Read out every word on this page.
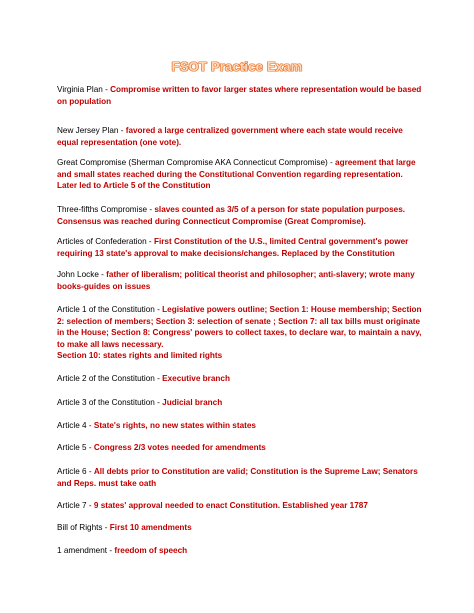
FSOT Practice Exam
Virginia Plan - Compromise written to favor larger states where representation would be based on population
New Jersey Plan - favored a large centralized government where each state would receive equal representation (one vote).
Great Compromise (Sherman Compromise AKA Connecticut Compromise) - agreement that large and small states reached during the Constitutional Convention regarding representation. Later led to Article 5 of the Constitution
Three-fifths Compromise - slaves counted as 3/5 of a person for state population purposes. Consensus was reached during Connecticut Compromise (Great Compromise).
Articles of Confederation - First Constitution of the U.S., limited Central government's power requiring 13 state's approval to make decisions/changes. Replaced by the Constitution
John Locke - father of liberalism; political theorist and philosopher; anti-slavery; wrote many books-guides on issues
Article 1 of the Constitution - Legislative powers outline; Section 1: House membership; Section 2: selection of members; Section 3: selection of senate ; Section 7: all tax bills must originate in the House; Section 8: Congress' powers to collect taxes, to declare war, to maintain a navy, to make all laws necessary.
Section 10: states rights and limited rights
Article 2 of the Constitution - Executive branch
Article 3 of the Constitution - Judicial branch
Article 4 - State's rights, no new states within states
Article 5 - Congress 2/3 votes needed for amendments
Article 6 - All debts prior to Constitution are valid; Constitution is the Supreme Law; Senators and Reps. must take oath
Article 7 - 9 states' approval needed to enact Constitution. Established year 1787
Bill of Rights - First 10 amendments
1 amendment - freedom of speech
